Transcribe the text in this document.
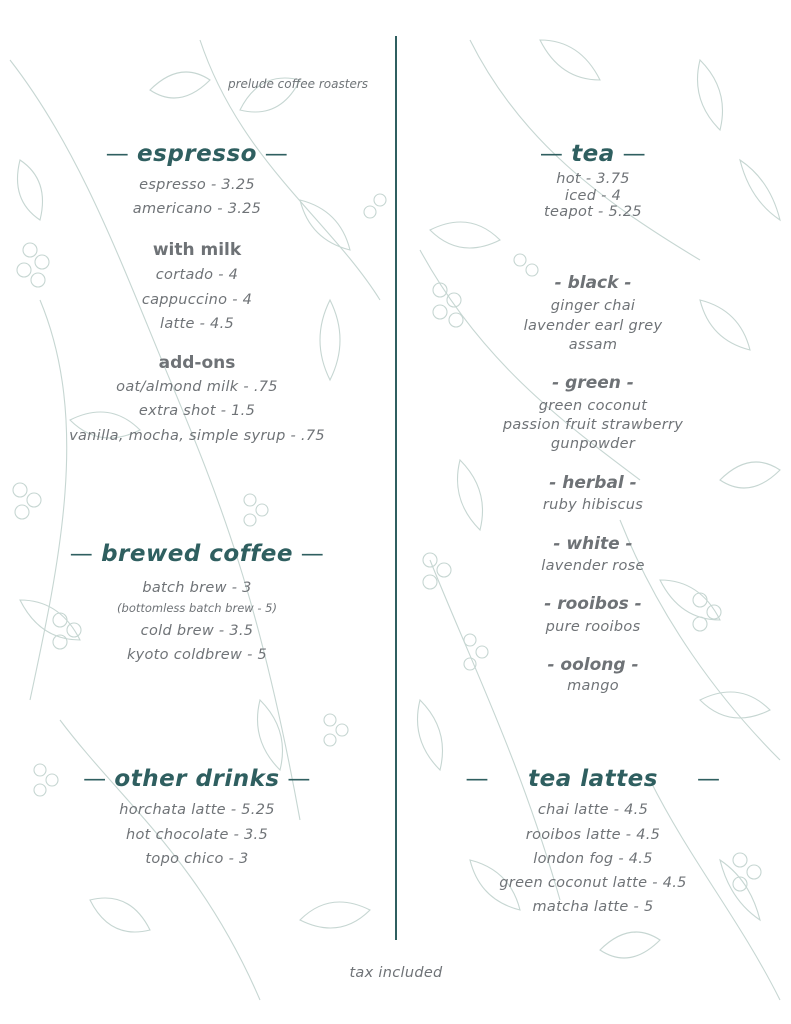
prelude coffee roasters
— espresso —
espresso - 3.25
americano - 3.25
with milk
cortado - 4
cappuccino - 4
latte - 4.5
add-ons
oat/almond milk - .75
extra shot - 1.5
vanilla, mocha, simple syrup - .75
— brewed coffee —
batch brew - 3
(bottomless batch brew - 5)
cold brew - 3.5
kyoto coldbrew - 5
— other drinks —
horchata latte - 5.25
hot chocolate - 3.5
topo chico - 3
— tea —
hot - 3.75
iced - 4
teapot - 5.25
- black -
ginger chai
lavender earl grey
assam
- green -
green coconut
passion fruit strawberry
gunpowder
- herbal -
ruby hibiscus
- white -
lavender rose
- rooibos -
pure rooibos
- oolong -
mango
—     tea lattes     —
chai latte - 4.5
rooibos latte - 4.5
london fog - 4.5
green coconut latte - 4.5
matcha latte - 5
tax included
